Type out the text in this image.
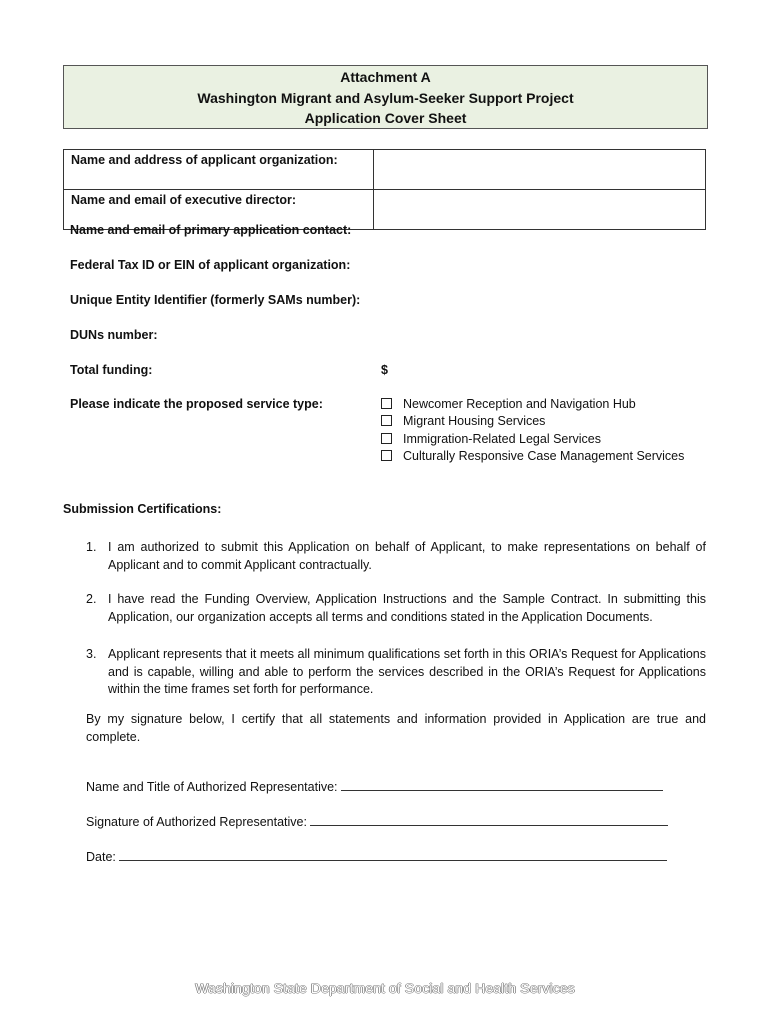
Attachment A
Washington Migrant and Asylum-Seeker Support Project
Application Cover Sheet
Name and address of applicant organization:	
Name and email of executive director:	
Name and email of primary application contact:
Federal Tax ID or EIN of applicant organization:
Unique Entity Identifier (formerly SAMs number):
DUNs number:
Total funding:	$
Please indicate the proposed service type:	Newcomer Reception and Navigation Hub
Migrant Housing Services
Immigration-Related Legal Services
Culturally Responsive Case Management Services
Submission Certifications:
1. I am authorized to submit this Application on behalf of Applicant, to make representations on behalf of Applicant and to commit Applicant contractually.
2. I have read the Funding Overview, Application Instructions and the Sample Contract. In submitting this Application, our organization accepts all terms and conditions stated in the Application Documents.
3. Applicant represents that it meets all minimum qualifications set forth in this ORIA’s Request for Applications and is capable, willing and able to perform the services described in the ORIA’s Request for Applications within the time frames set forth for performance.
By my signature below, I certify that all statements and information provided in Application are true and complete.
Name and Title of Authorized Representative:
Signature of Authorized Representative:
Date:
Washington State Department of Social and Health Services
